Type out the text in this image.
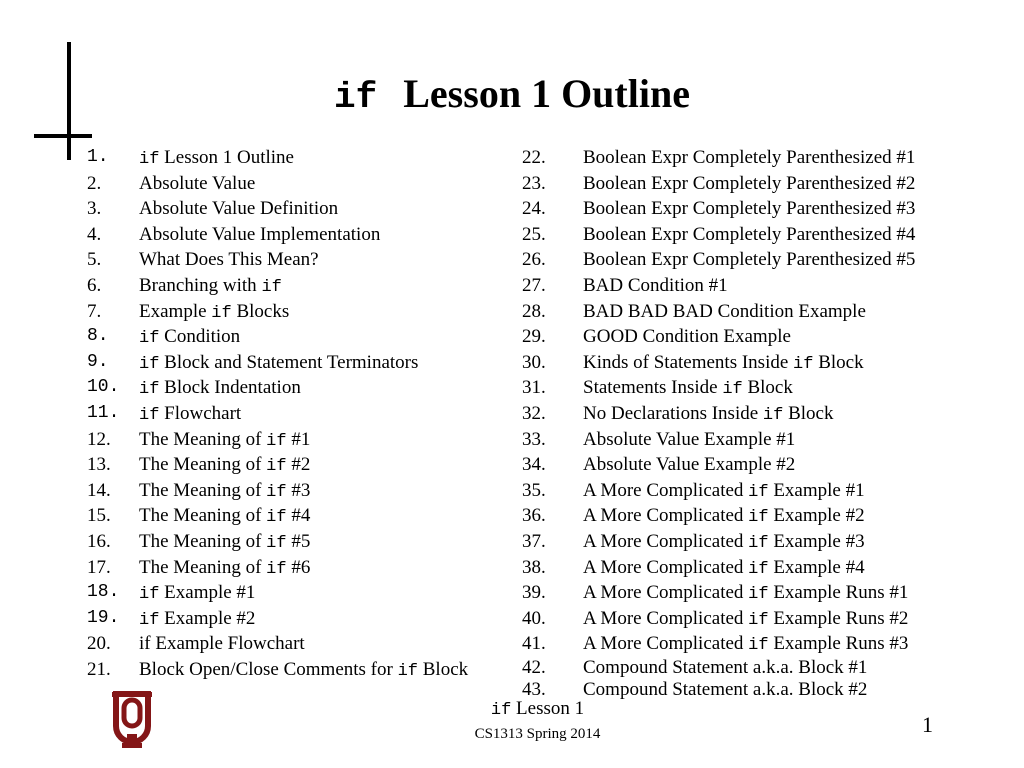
if Lesson 1 Outline
1. if Lesson 1 Outline
2. Absolute Value
3. Absolute Value Definition
4. Absolute Value Implementation
5. What Does This Mean?
6. Branching with if
7. Example if Blocks
8. if Condition
9. if Block and Statement Terminators
10. if Block Indentation
11. if Flowchart
12. The Meaning of if #1
13. The Meaning of if #2
14. The Meaning of if #3
15. The Meaning of if #4
16. The Meaning of if #5
17. The Meaning of if #6
18. if Example #1
19. if Example #2
20. if Example Flowchart
21. Block Open/Close Comments for if Block
22. Boolean Expr Completely Parenthesized #1
23. Boolean Expr Completely Parenthesized #2
24. Boolean Expr Completely Parenthesized #3
25. Boolean Expr Completely Parenthesized #4
26. Boolean Expr Completely Parenthesized #5
27. BAD Condition #1
28. BAD BAD BAD Condition Example
29. GOOD Condition Example
30. Kinds of Statements Inside if Block
31. Statements Inside if Block
32. No Declarations Inside if Block
33. Absolute Value Example #1
34. Absolute Value Example #2
35. A More Complicated if Example #1
36. A More Complicated if Example #2
37. A More Complicated if Example #3
38. A More Complicated if Example #4
39. A More Complicated if Example Runs #1
40. A More Complicated if Example Runs #2
41. A More Complicated if Example Runs #3
42. Compound Statement a.k.a. Block #1
43. Compound Statement a.k.a. Block #2
if Lesson 1
CS1313 Spring 2014	1
